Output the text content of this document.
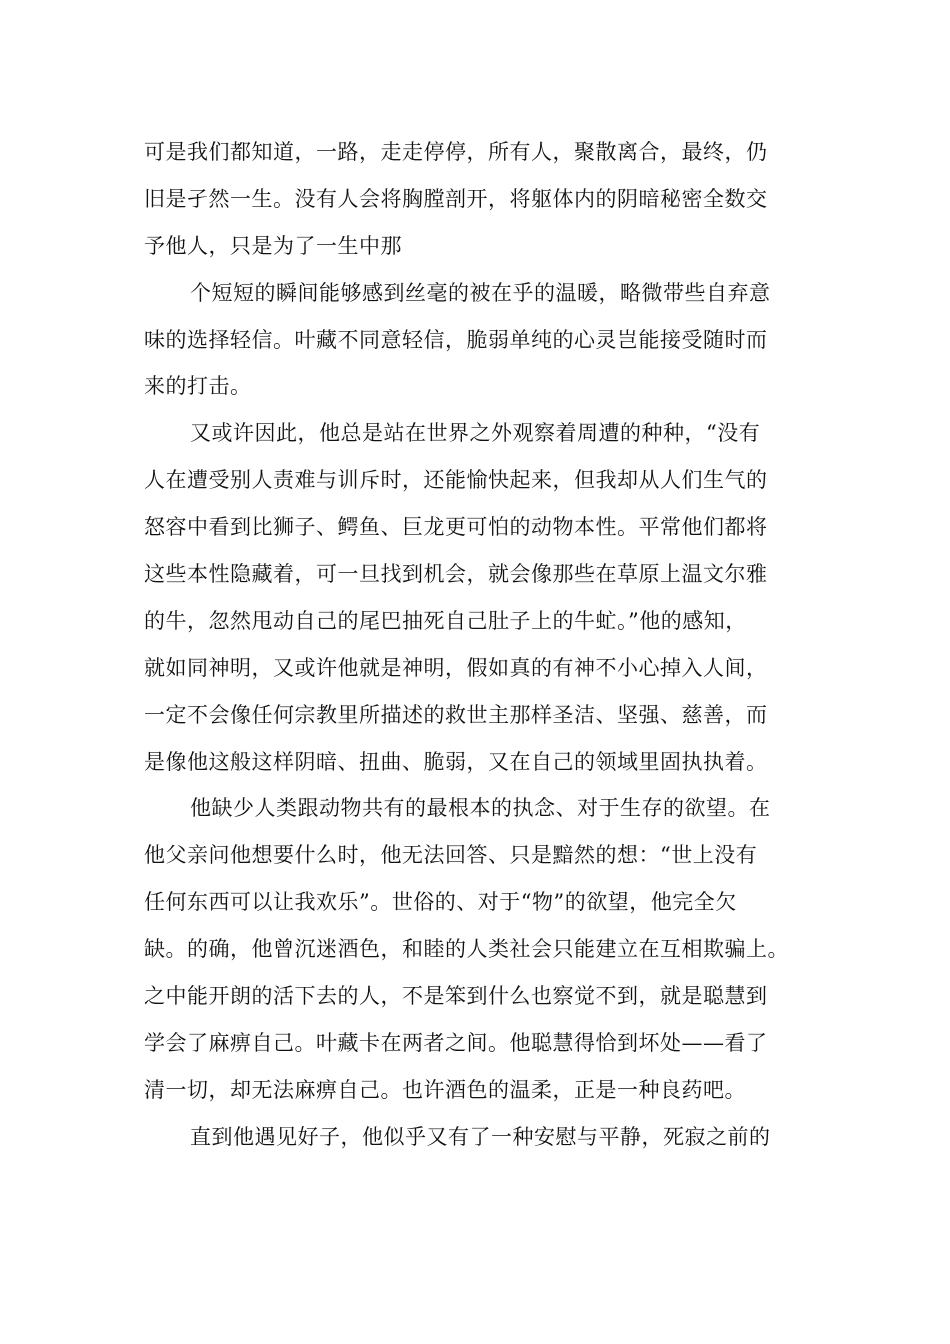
可是我们都知道，一路，走走停停，所有人，聚散离合，最终，仍
旧是孑然一生。没有人会将胸膛剖开，将躯体内的阴暗秘密全数交
予他人，只是为了一生中那
个短短的瞬间能够感到丝毫的被在乎的温暖，略微带些自弃意
味的选择轻信。叶藏不同意轻信，脆弱单纯的心灵岂能接受随时而
来的打击。
又或许因此，他总是站在世界之外观察着周遭的种种，“没有
人在遭受别人责难与训斥时，还能愉快起来，但我却从人们生气的
怒容中看到比狮子、鳄鱼、巨龙更可怕的动物本性。平常他们都将
这些本性隐藏着，可一旦找到机会，就会像那些在草原上温文尔雅
的牛，忽然甩动自己的尾巴抽死自己肚子上的牛虻。”他的感知，
就如同神明，又或许他就是神明，假如真的有神不小心掉入人间，
一定不会像任何宗教里所描述的救世主那样圣洁、坚强、慈善，而
是像他这般这样阴暗、扭曲、脆弱，又在自己的领域里固执执着。
他缺少人类跟动物共有的最根本的执念、对于生存的欲望。在
他父亲问他想要什么时，他无法回答、只是黯然的想：“世上没有
任何东西可以让我欢乐”。世俗的、对于“物”的欲望，他完全欠
缺。的确，他曾沉迷酒色，和睦的人类社会只能建立在互相欺骗上。
之中能开朗的活下去的人，不是笨到什么也察觉不到，就是聪慧到
学会了麻痹自己。叶藏卡在两者之间。他聪慧得恰到坏处——看了
清一切，却无法麻痹自己。也许酒色的温柔，正是一种良药吧。
直到他遇见好子，他似乎又有了一种安慰与平静，死寂之前的
